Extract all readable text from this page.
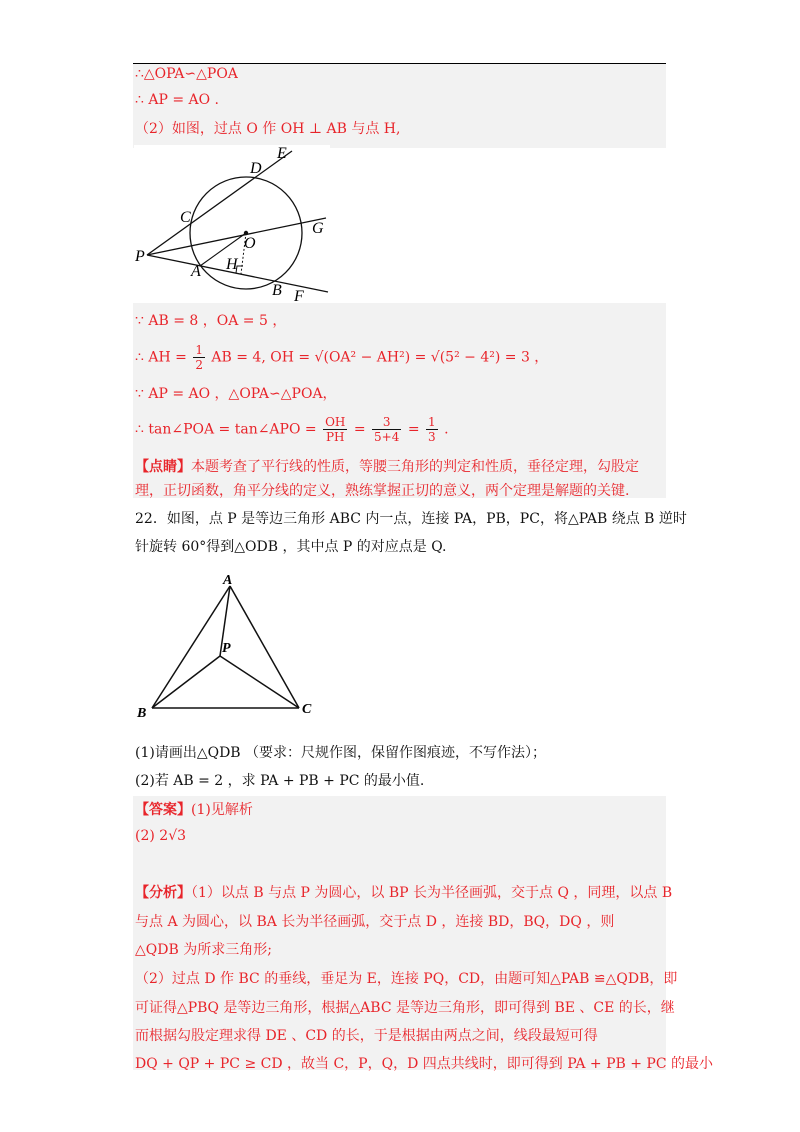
∴△OPA∽△POA
∴ AP = AO .
（2）如图，过点 O 作 OH ⊥ AB 与点 H,
E
D
C
G
O
P
A H
B F
∵ AB = 8 ，OA = 5 ，
∴ AH = $\frac{1}{2}$ AB = 4, OH = √(OA² − AH²) = √(5² − 4²) = 3 ，
∵ AP = AO ，△OPA∽△POA，
∴ tan∠POA = tan∠APO = $\frac{OH}{PH} = \frac{3}{5+4} = \frac{1}{3}$ .
【点睛】本题考查了平行线的性质，等腰三角形的判定和性质，垂径定理，勾股定理，正切函数，角平分线的定义，熟练掌握正切的意义，两个定理是解题的关键.
22．如图，点 P 是等边三角形 ABC 内一点，连接 PA，PB，PC，将△PAB 绕点 B 逆时
针旋转 60°得到△ODB ，其中点 P 的对应点是 Q.
A
P
B	C
(1)请画出△QDB （要求：尺规作图，保留作图痕迹，不写作法）；
(2)若 AB = 2 ，求 PA + PB + PC 的最小值.
【答案】(1)见解析
(2) 2√3
【分析】（1）以点 B 与点 P 为圆心，以 BP 长为半径画弧，交于点 Q ，同理，以点 B
与点 A 为圆心，以 BA 长为半径画弧，交于点 D ，连接 BD，BQ，DQ ，则
△QDB 为所求三角形;
（2）过点 D 作 BC 的垂线，垂足为 E，连接 PQ，CD，由题可知△PAB ≌△QDB，即
可证得△PBQ 是等边三角形，根据△ABC 是等边三角形，即可得到 BE 、CE 的长，继
而根据勾股定理求得 DE 、CD 的长，于是根据由两点之间，线段最短可得
DQ + QP + PC ≥ CD ，故当 C，P，Q，D 四点共线时，即可得到 PA + PB + PC 的最小
